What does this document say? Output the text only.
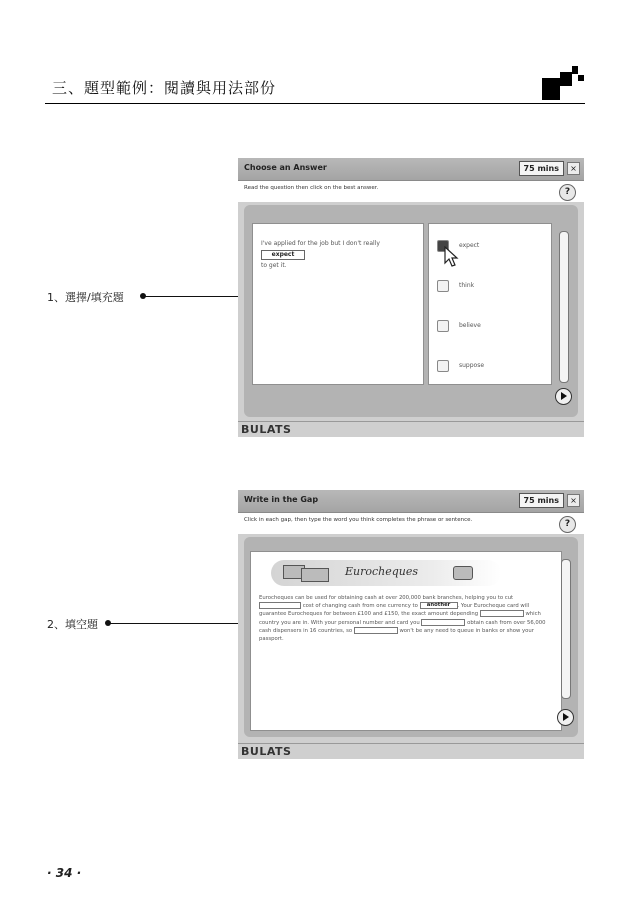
三、題型範例：閱讀與用法部份
1、選擇/填充題
2、填空題
Choose an Answer	75 mins	×
Read the question then click on the best answer.	?
I've applied for the job but I don't really expect
to get it.
expect
think
believe
suppose
BULATS
Write in the Gap	75 mins	×
Click in each gap, then type the word you think completes the phrase or sentence.	?
Eurocheques
Eurocheques can be used for obtaining cash at over 200,000 bank branches, helping you to cut  cost of changing cash from one currency to another . Your Eurocheque card will guarantee Eurocheques for between £100 and £150, the exact amount depending	which country you are in. With your personal number and card you	obtain cash from over 56,000 cash dispensers in 16 countries, so	won't be any need to queue in banks or show your passport.
BULATS
· 34 ·
